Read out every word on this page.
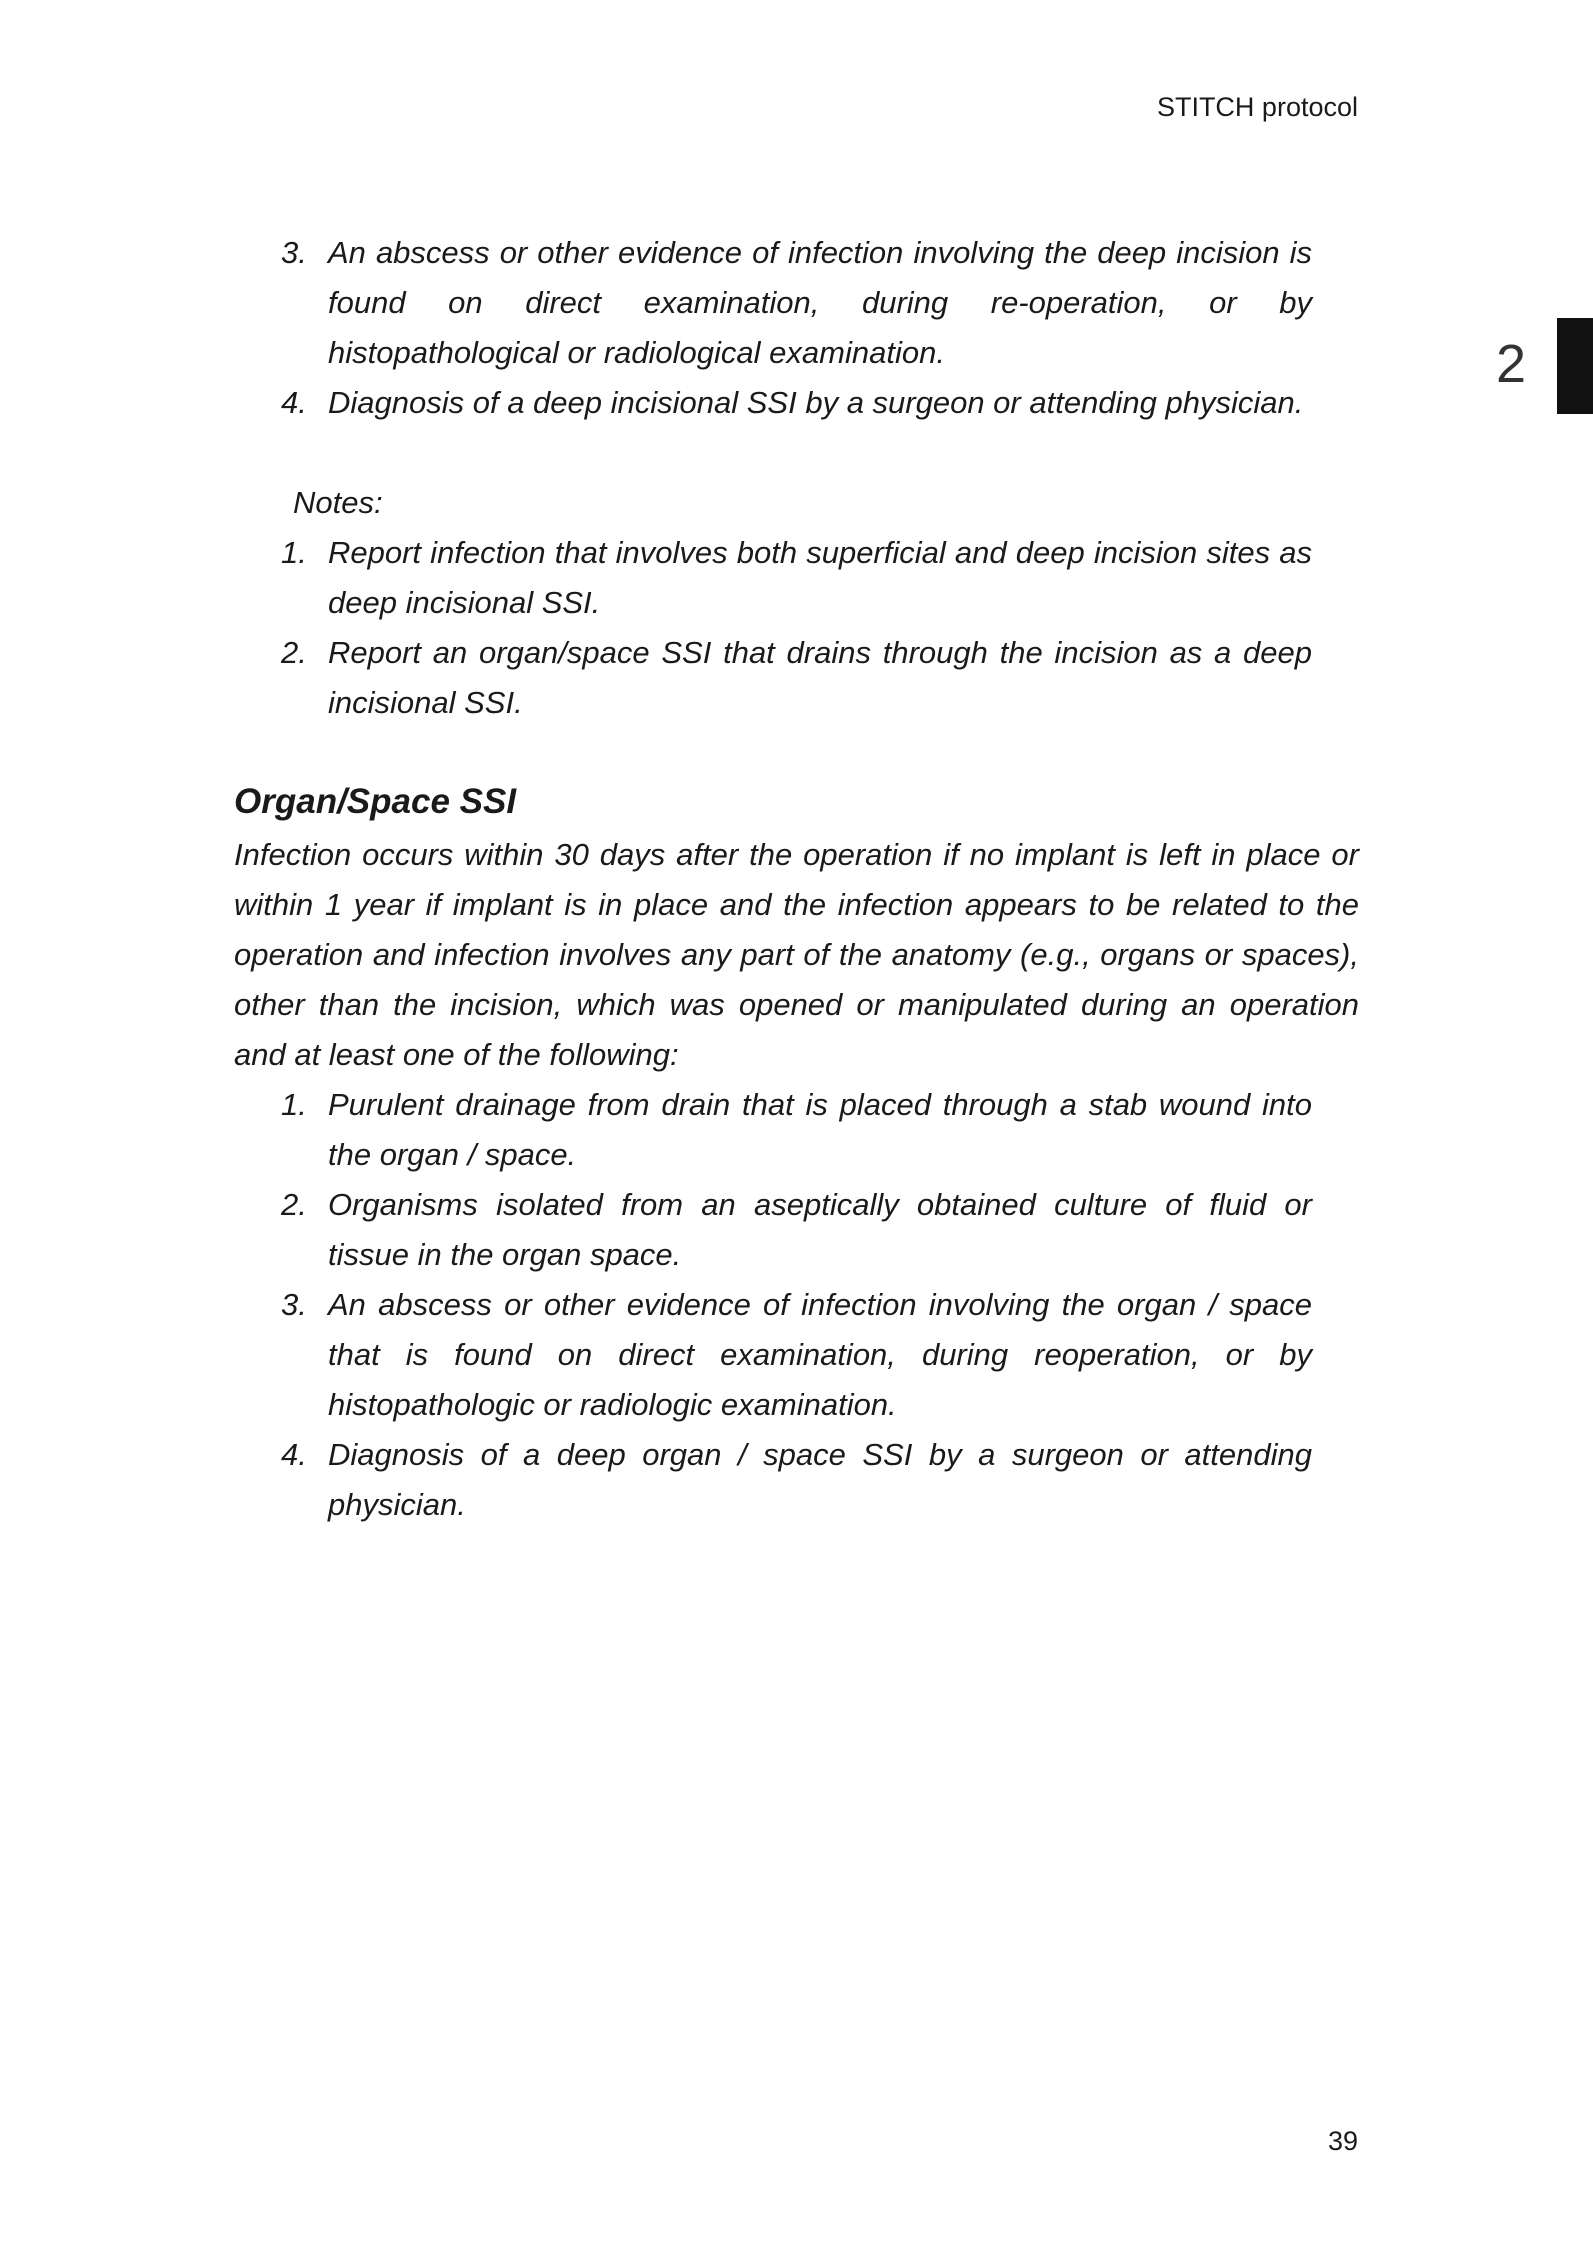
STITCH protocol
2
3. An abscess or other evidence of infection involving the deep incision is found on direct examination, during re-operation, or by histopathological or radiological examination.
4. Diagnosis of a deep incisional SSI by a surgeon or attending physician.
Notes:
1. Report infection that involves both superficial and deep incision sites as deep incisional SSI.
2. Report an organ/space SSI that drains through the incision as a deep incisional SSI.
Organ/Space SSI
Infection occurs within 30 days after the operation if no implant is left in place or within 1 year if implant is in place and the infection appears to be related to the operation and infection involves any part of the anatomy (e.g., organs or spaces), other than the incision, which was opened or manipulated during an operation and at least one of the following:
1. Purulent drainage from drain that is placed through a stab wound into the organ / space.
2. Organisms isolated from an aseptically obtained culture of fluid or tissue in the organ space.
3. An abscess or other evidence of infection involving the organ / space that is found on direct examination, during reoperation, or by histopathologic or radiologic examination.
4. Diagnosis of a deep organ / space SSI by a surgeon or attending physician.
39
